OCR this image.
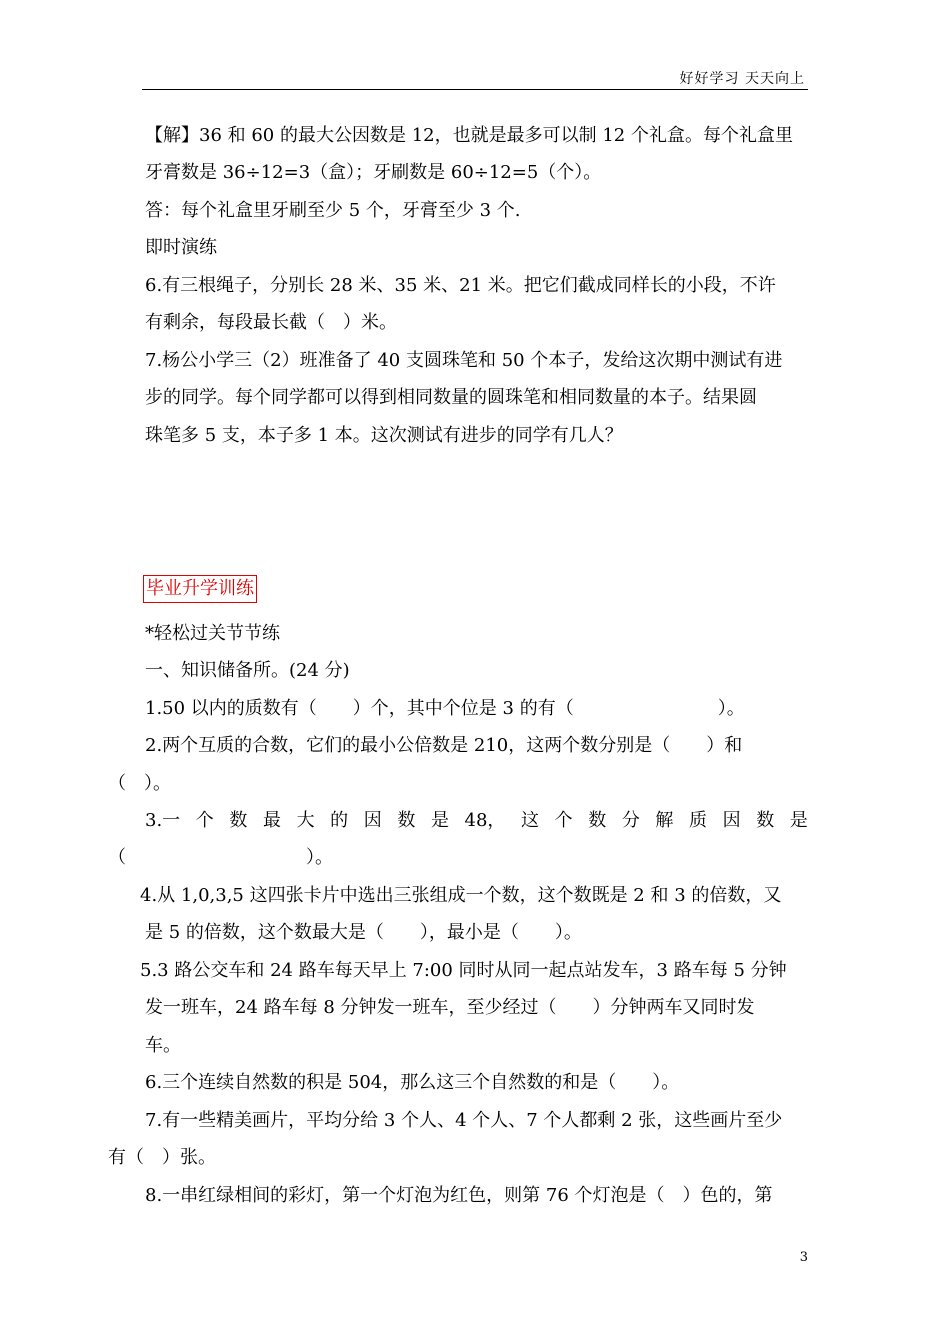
好好学习 天天向上
【解】36 和 60 的最大公因数是 12，也就是最多可以制 12 个礼盒。每个礼盒里
牙膏数是 36÷12=3（盒）；牙刷数是 60÷12=5（个）。
答：每个礼盒里牙刷至少 5 个，牙膏至少 3 个.
即时演练
6.有三根绳子，分别长 28 米、35 米、21 米。把它们截成同样长的小段，不许
有剩余，每段最长截（　）米。
7.杨公小学三（2）班准备了 40 支圆珠笔和 50 个本子，发给这次期中测试有进
步的同学。每个同学都可以得到相同数量的圆珠笔和相同数量的本子。结果圆
珠笔多 5 支，本子多 1 本。这次测试有进步的同学有几人？
毕业升学训练
*轻松过关节节练
一、知识储备所。(24 分)
1.50 以内的质数有（　　）个，其中个位是 3 的有（　　　　　　　　）。
2.两个互质的合数，它们的最小公倍数是 210，这两个数分别是（　　）和
（　）。
3.一 个 数 最 大 的 因 数 是 48， 这 个 数 分 解 质 因 数 是
（　　　　　　　　　　）。
4.从 1,0,3,5 这四张卡片中选出三张组成一个数，这个数既是 2 和 3 的倍数，又
是 5 的倍数，这个数最大是（　　），最小是（　　）。
5.3 路公交车和 24 路车每天早上 7:00 同时从同一起点站发车，3 路车每 5 分钟
发一班车，24 路车每 8 分钟发一班车，至少经过（　　）分钟两车又同时发
车。
6.三个连续自然数的积是 504，那么这三个自然数的和是（　　）。
7.有一些精美画片，平均分给 3 个人、4 个人、7 个人都剩 2 张，这些画片至少
有（　）张。
8.一串红绿相间的彩灯，第一个灯泡为红色，则第 76 个灯泡是（　）色的，第
3
